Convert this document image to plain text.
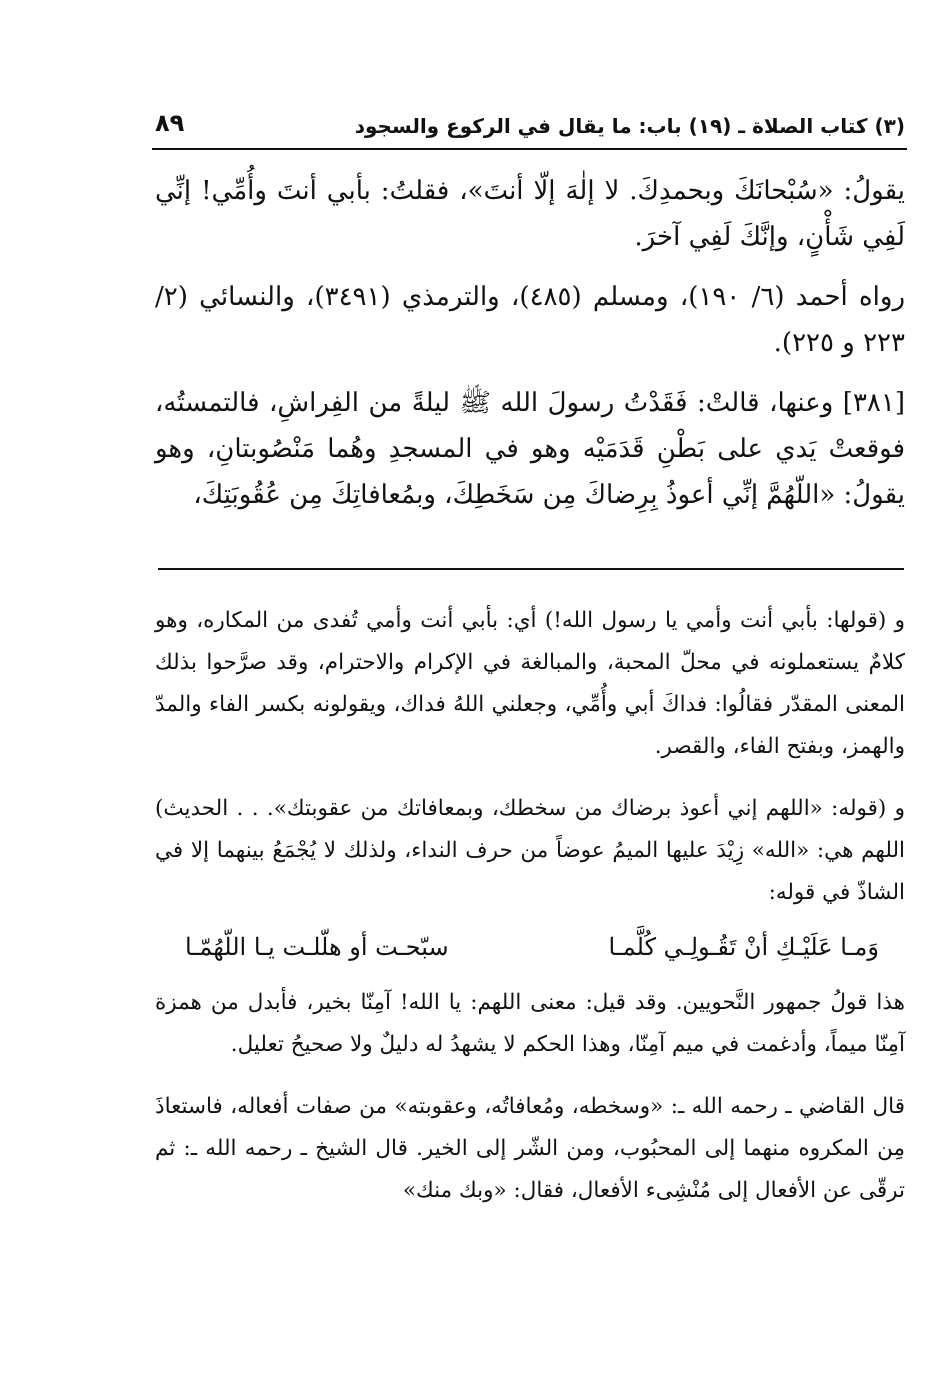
(٣) كتاب الصلاة ـ (١٩) باب: ما يقال في الركوع والسجود
٨٩

يقولُ: «سُبْحانَكَ وبحمدِكَ. لا إلٰهَ إلّا أنتَ»، فقلتُ: بأبي أنتَ وأُمِّي! إنِّي لَفِي شَأْنٍ، وإنَّكَ لَفِي آخرَ.

رواه أحمد (٦/ ١٩٠)، ومسلم (٤٨٥)، والترمذي (٣٤٩١)، والنسائي (٢/ ٢٢٣ و ٢٢٥).

[٣٨١] وعنها، قالتْ: فَقَدْتُ رسولَ الله ﷺ ليلةً من الفِراشِ، فالتمستُه، فوقعتْ يَدي على بَطْنِ قَدَمَيْه وهو في المسجدِ وهُما مَنْصُوبتانِ، وهو يقولُ: «اللّهُمَّ إنِّي أعوذُ بِرِضاكَ مِن سَخَطِكَ، وبمُعافاتِكَ مِن عُقُوبَتِكَ،

و (قولها: بأبي أنت وأمي يا رسول الله!) أي: بأبي أنت وأمي تُفدى من المكاره، وهو كلامٌ يستعملونه في محلّ المحبة، والمبالغة في الإكرام والاحترام، وقد صرَّحوا بذلك المعنى المقدّر فقالُوا: فداكَ أبي وأُمِّي، وجعلني اللهُ فداك، ويقولونه بكسر الفاء والمدّ والهمز، وبفتح الفاء، والقصر.

و (قوله: «اللهم إني أعوذ برضاك من سخطك، وبمعافاتك من عقوبتك». . . الحديث) اللهم هي: «الله» زِيْدَ عليها الميمُ عوضاً من حرف النداء، ولذلك لا يُجْمَعُ بينهما إلا في الشاذّ في قوله:

وَمـا عَلَيْـكِ أنْ تَقُـولِـي كُلَّمـا
سبّحـت أو هلّلـت يـا اللّهُمّـا

هذا قولُ جمهور النَّحويين. وقد قيل: معنى اللهم: يا الله! آمِنّا بخير، فأبدل من همزة آمِنّا ميماً، وأدغمت في ميم آمِنّا، وهذا الحكم لا يشهدُ له دليلٌ ولا صحيحُ تعليل.

قال القاضي ـ رحمه الله ـ: «وسخطه، ومُعافاتُه، وعقوبته» من صفات أفعاله، فاستعاذَ مِن المكروه منهما إلى المحبُوب، ومن الشّر إلى الخير. قال الشيخ ـ رحمه الله ـ: ثم ترقّى عن الأفعال إلى مُنْشِىء الأفعال، فقال: «وبك منك»
